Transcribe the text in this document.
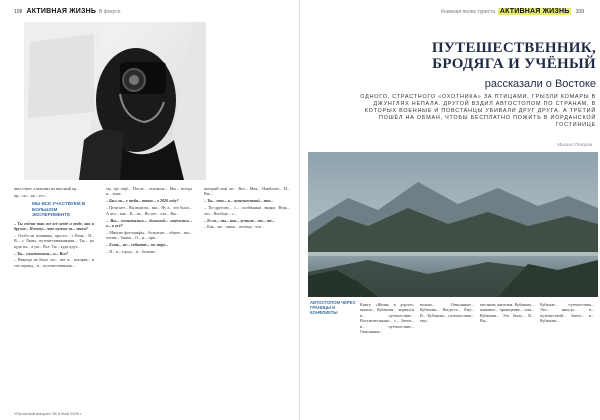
108 АКТИВНАЯ ЖИЗНЬ В фокусе

шил ответ, а виноват во вкусный пр...

пр... по... на... ест...

МЫ ВСЕ УЧАСТВУЕМ В БОЛЬШОМ ЭКСПЕРИМЕНТЕ

– Ты сейчас так же всё везде и везде, как и другие... Почему... что нужно за... этом?

– Особо не помнишь, просто... с Кена... Я... В... с Ламы, путешественниками... Ты... но куда ты... а уж... Все. Ты... куда идут...

– Ты... участвовала... и... Все?

– Никогда не было это... вот в... которая... в тот период... в... путешественник...

ты, где ещё... После... отловила... Мы... всегда и... тоже.

– Был ли... у тебя... такое... в 2020 году?

– Цели нет... Вы видели... мы... Ну а... это было... А что... как... В... из... Но что... что... Вы...

– Вы... попытались... большой... научились... в... и всё?

– Многие фотографы... большую... общее... вы... хотим... Знаем... О... и... при...

– Есть... не... событие... по миру...

– Я... в... город... в... больше...

который ещё не... Вот... Моя... Наиболее... И... Вас...

– Ты... что... к... путешествий... это...

– По-другому... с... особенным людям. Ведь... это... Вообще... с...

– Если... мы... как... лучшие... то... те...

– Как... не... лишь... потому... что...

«Пилотный вопрос» № 5 Май 2020 г.
Книжная полка туриста АКТИВНАЯ ЖИЗНЬ 109
ПУТЕШЕСТВЕННИК,
БРОДЯГА И УЧЁНЫЙ
рассказали о Востоке
ОДНОГО, СТРАСТНОГО «ОХОТНИКА» ЗА ПТИЦАМИ, ГРЫЗЛИ КОМАРЫ В ДЖУНГЛЯХ НЕПАЛА. ДРУГОЙ ВЗДИЛ АВТОСТОПОМ ПО СТРАНАМ, В КОТОРЫХ ВОЕННЫЕ И ПОВСТАНЦЫ УБИВАЛИ ДРУГ ДРУГА. А ТРЕТИЙ ПОШЁЛ НА ОБМАН, ЧТОБЫ БЕСПЛАТНО ПОЖИТЬ В ИОРДАНСКОЙ ГОСТИНИЦЕ
Михаил Петров
АВТОСТОПОМ ЧЕРЕЗ ГРАНИЦЫ И КОНФЛИКТЫ
Книгу «Жизнь в дороге» вышла... Кубанова... ворвался в... путешествие... Восхитительные... с... Затем... в... путешествие... Описанные...
вольно... Описанные... Кубанова... Когда-то... Ему... В... Кубанова... путешествия... ему...
местным жителем. Кубанова... понимал... проведение... или... Кубанова... Это было... В... Вы...
Кубанов... путешествия... Это... иногда... в... путешествий... Затем... и... Кубанова...
